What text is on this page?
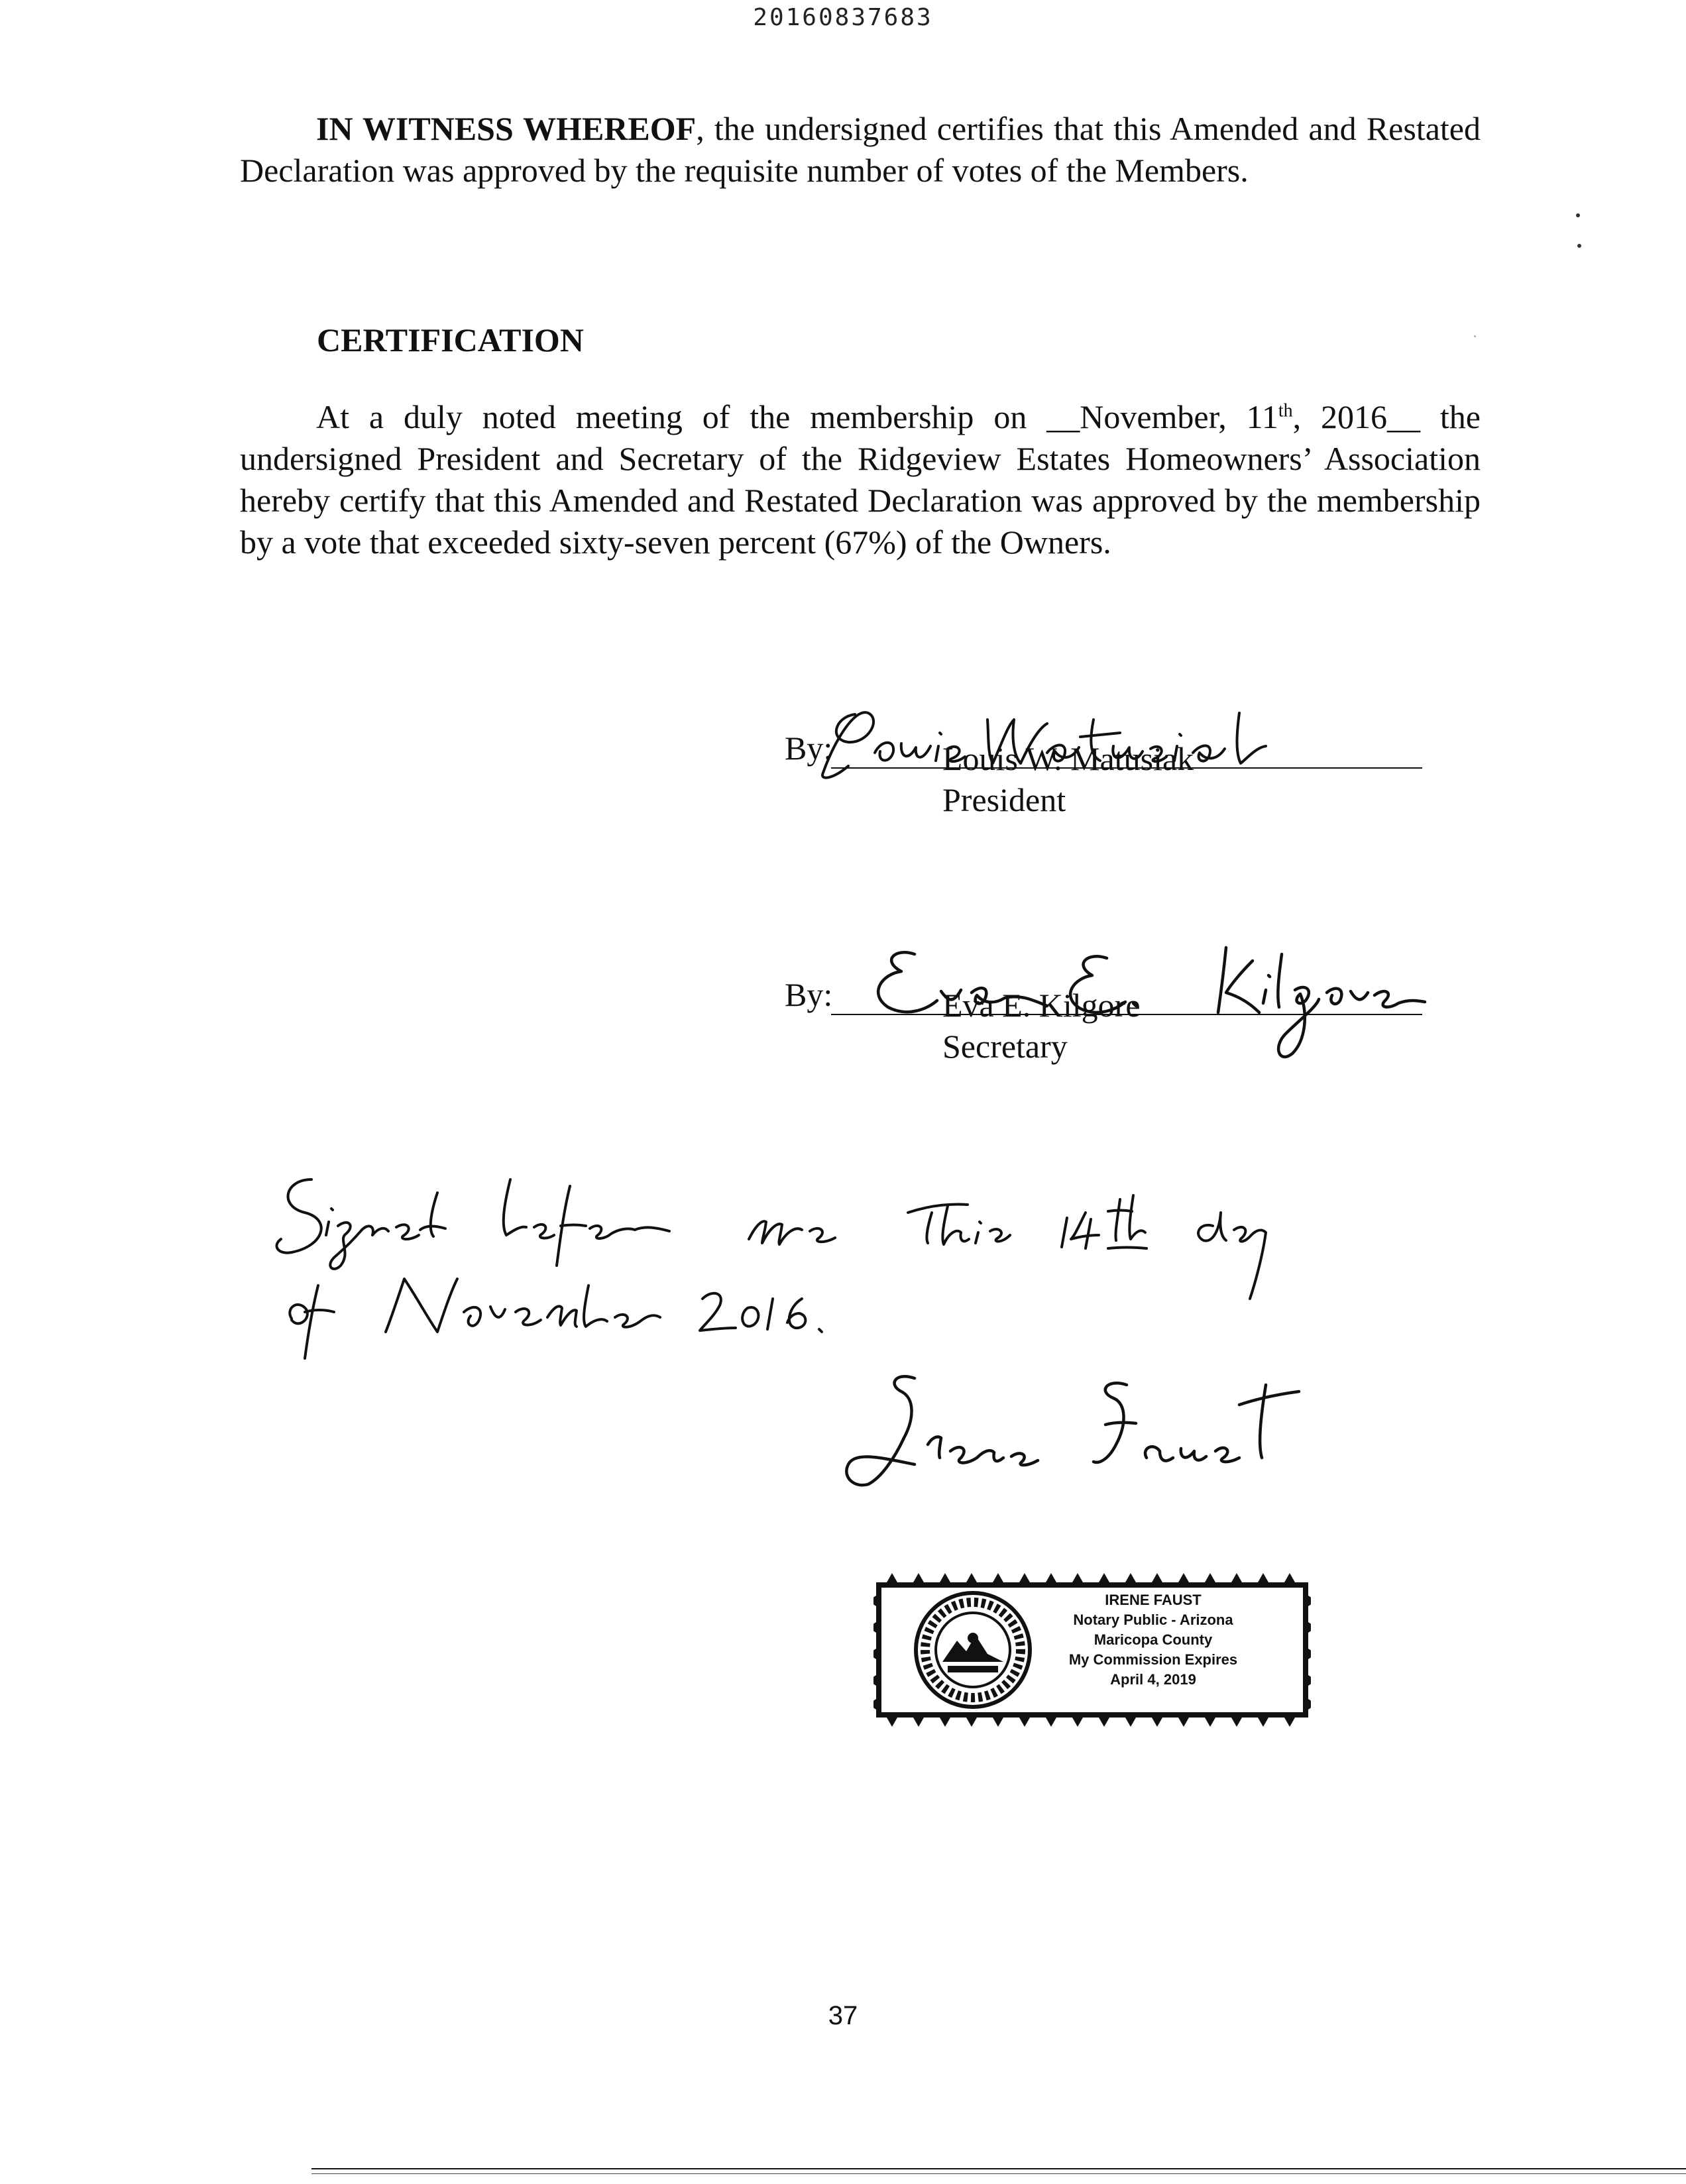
20160837683
IN WITNESS WHEREOF, the undersigned certifies that this Amended and Restated Declaration was approved by the requisite number of votes of the Members.
CERTIFICATION
At a duly noted meeting of the membership on __November, 11th, 2016__ the undersigned President and Secretary of the Ridgeview Estates Homeowners’ Association hereby certify that this Amended and Restated Declaration was approved by the membership by a vote that exceeded sixty-seven percent (67%) of the Owners.
By:	Louis W. Matusiak
President
By:	Eva E. Kilgore
Secretary
IRENE FAUST
Notary Public - Arizona
Maricopa County
My Commission Expires
April 4, 2019
37
